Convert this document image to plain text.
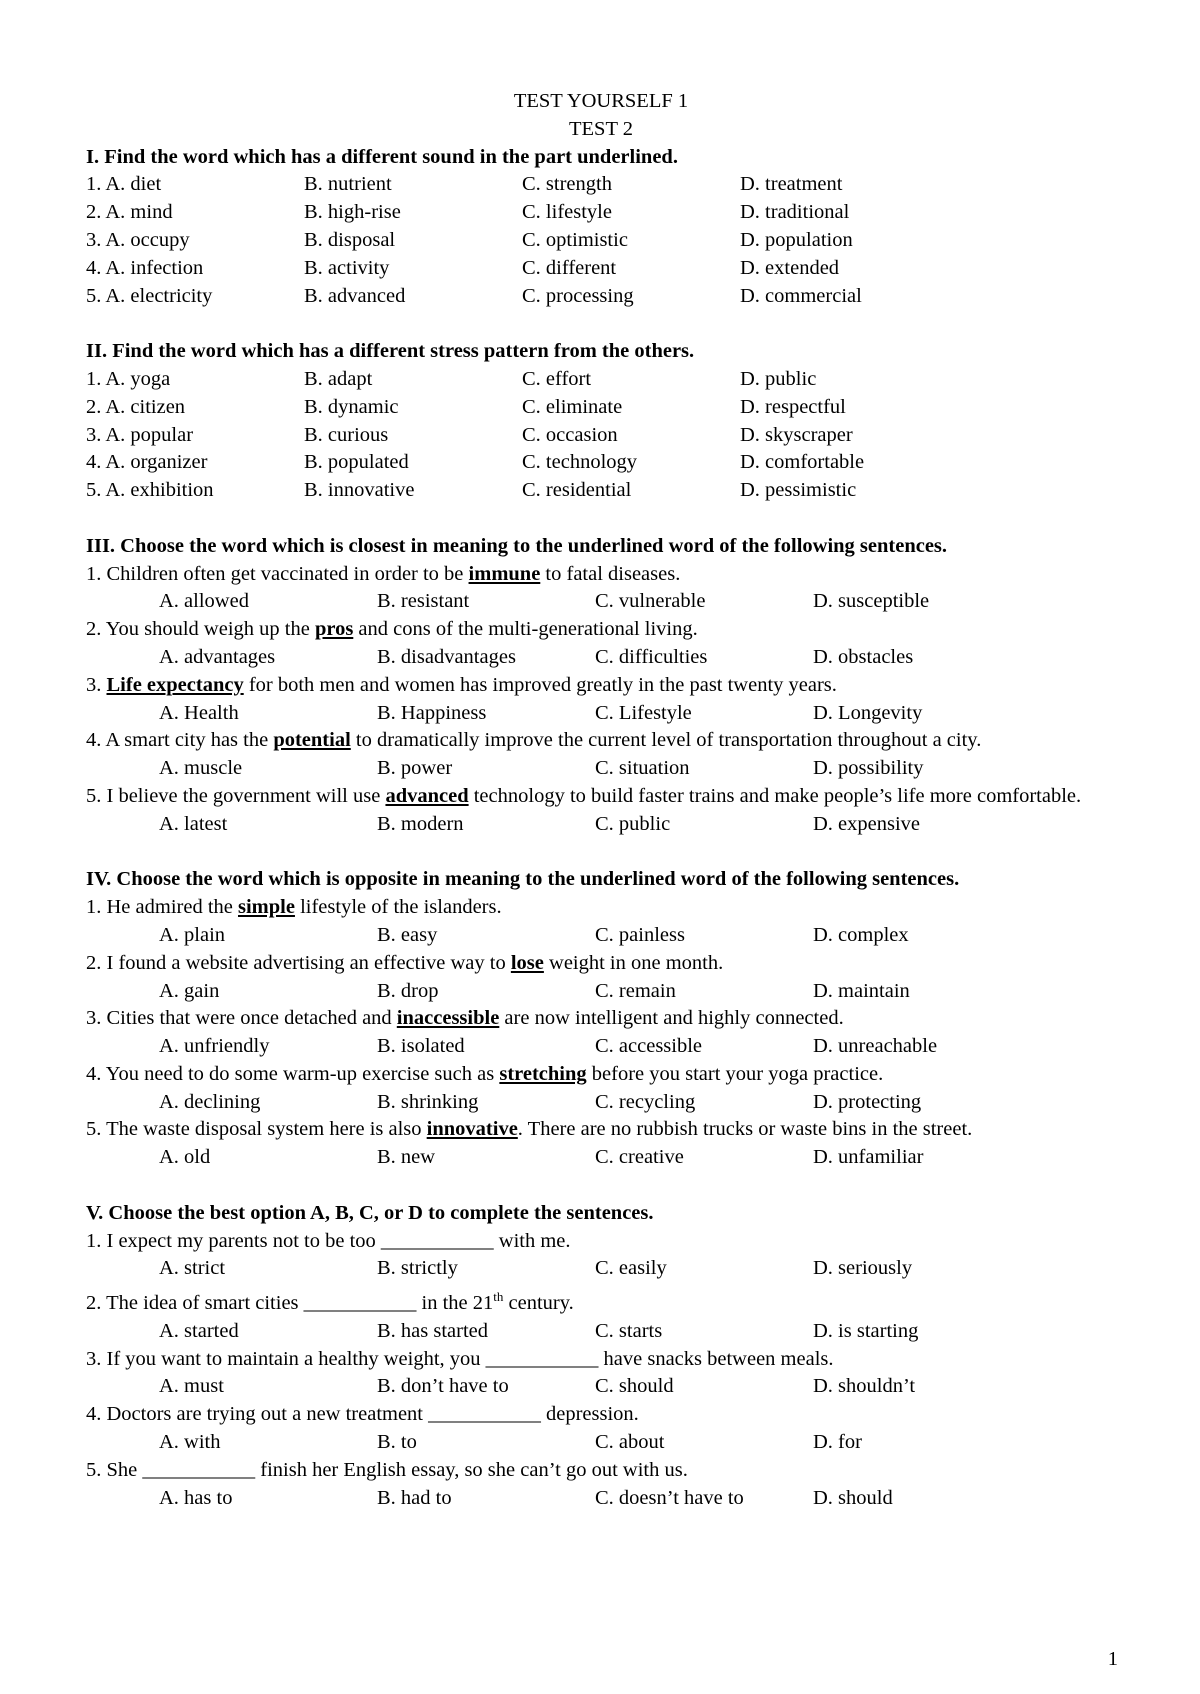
TEST YOURSELF 1
TEST 2
I. Find the word which has a different sound in the part underlined.
1. A. diet	B. nutrient	C. strength	D. treatment
2. A. mind	B. high-rise	C. lifestyle	D. traditional
3. A. occupy	B. disposal	C. optimistic	D. population
4. A. infection	B. activity	C. different	D. extended
5. A. electricity	B. advanced	C. processing	D. commercial
II. Find the word which has a different stress pattern from the others.
1. A. yoga	B. adapt	C. effort	D. public
2. A. citizen	B. dynamic	C. eliminate	D. respectful
3. A. popular	B. curious	C. occasion	D. skyscraper
4. A. organizer	B. populated	C. technology	D. comfortable
5. A. exhibition	B. innovative	C. residential	D. pessimistic
III. Choose the word which is closest in meaning to the underlined word of the following sentences.
1. Children often get vaccinated in order to be immune to fatal diseases.
A. allowed	B. resistant	C. vulnerable	D. susceptible
2. You should weigh up the pros and cons of the multi-generational living.
A. advantages	B. disadvantages	C. difficulties	D. obstacles
3. Life expectancy for both men and women has improved greatly in the past twenty years.
A. Health	B. Happiness	C. Lifestyle	D. Longevity
4. A smart city has the potential to dramatically improve the current level of transportation throughout a city.
A. muscle	B. power	C. situation	D. possibility
5. I believe the government will use advanced technology to build faster trains and make people’s life more comfortable.
A. latest	B. modern	C. public	D. expensive
IV. Choose the word which is opposite in meaning to the underlined word of the following sentences.
1. He admired the simple lifestyle of the islanders.
A. plain	B. easy	C. painless	D. complex
2. I found a website advertising an effective way to lose weight in one month.
A. gain	B. drop	C. remain	D. maintain
3. Cities that were once detached and inaccessible are now intelligent and highly connected.
A. unfriendly	B. isolated	C. accessible	D. unreachable
4. You need to do some warm-up exercise such as stretching before you start your yoga practice.
A. declining	B. shrinking	C. recycling	D. protecting
5. The waste disposal system here is also innovative. There are no rubbish trucks or waste bins in the street.
A. old	B. new	C. creative	D. unfamiliar
V. Choose the best option A, B, C, or D to complete the sentences.
1. I expect my parents not to be too ___________ with me.
A. strict	B. strictly	C. easily	D. seriously
2. The idea of smart cities ___________ in the 21th century.
A. started	B. has started	C. starts	D. is starting
3. If you want to maintain a healthy weight, you ___________ have snacks between meals.
A. must	B. don’t have to	C. should	D. shouldn’t
4. Doctors are trying out a new treatment ___________ depression.
A. with	B. to	C. about	D. for
5. She ___________ finish her English essay, so she can’t go out with us.
A. has to	B. had to	C. doesn’t have to	D. should
1
